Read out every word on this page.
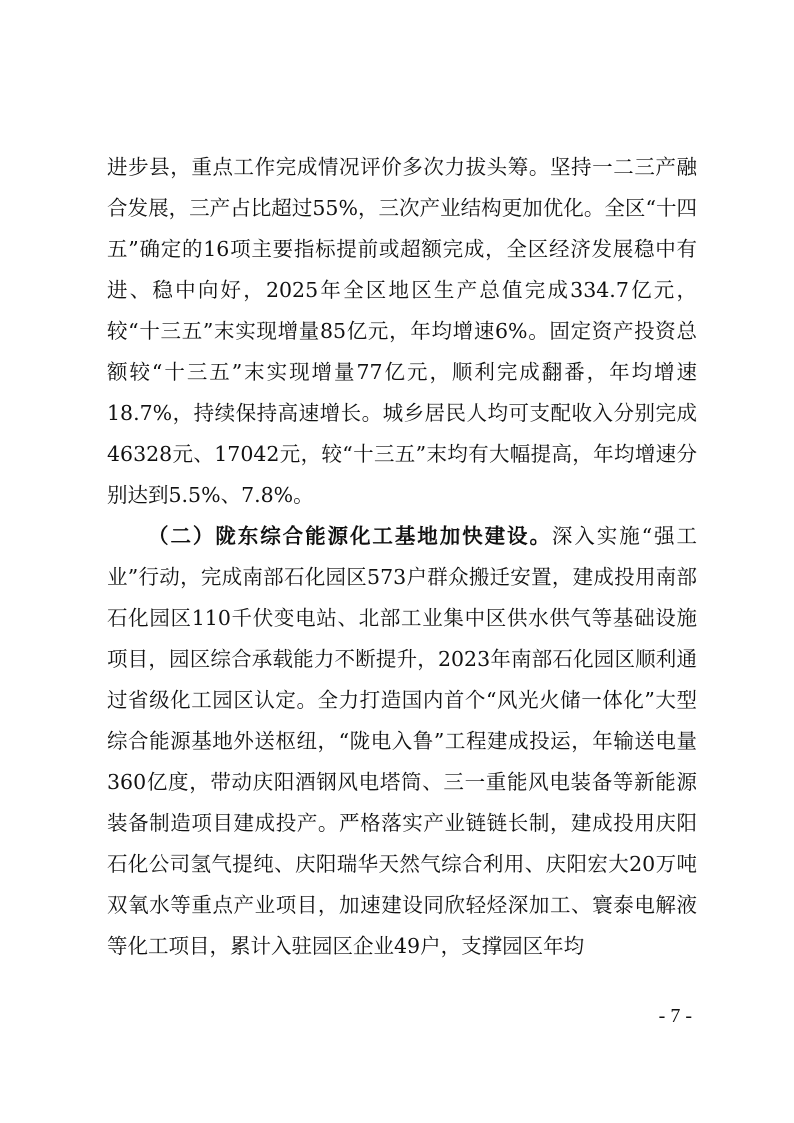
进步县，重点工作完成情况评价多次力拔头筹。坚持一二三产融合发展，三产占比超过55%，三次产业结构更加优化。全区“十四五”确定的16项主要指标提前或超额完成，全区经济发展稳中有进、稳中向好，2025年全区地区生产总值完成334.7亿元，较“十三五”末实现增量85亿元，年均增速6%。固定资产投资总额较“十三五”末实现增量77亿元，顺利完成翻番，年均增速18.7%，持续保持高速增长。城乡居民人均可支配收入分别完成46328元、17042元，较“十三五”末均有大幅提高，年均增速分别达到5.5%、7.8%。

（二）陇东综合能源化工基地加快建设。深入实施“强工业”行动，完成南部石化园区573户群众搬迁安置，建成投用南部石化园区110千伏变电站、北部工业集中区供水供气等基础设施项目，园区综合承载能力不断提升，2023年南部石化园区顺利通过省级化工园区认定。全力打造国内首个“风光火储一体化”大型综合能源基地外送枢纽，“陇电入鲁”工程建成投运，年输送电量360亿度，带动庆阳酒钢风电塔筒、三一重能风电装备等新能源装备制造项目建成投产。严格落实产业链链长制，建成投用庆阳石化公司氢气提纯、庆阳瑞华天然气综合利用、庆阳宏大20万吨双氧水等重点产业项目，加速建设同欣轻烃深加工、寰泰电解液等化工项目，累计入驻园区企业49户，支撑园区年均

- 7 -
